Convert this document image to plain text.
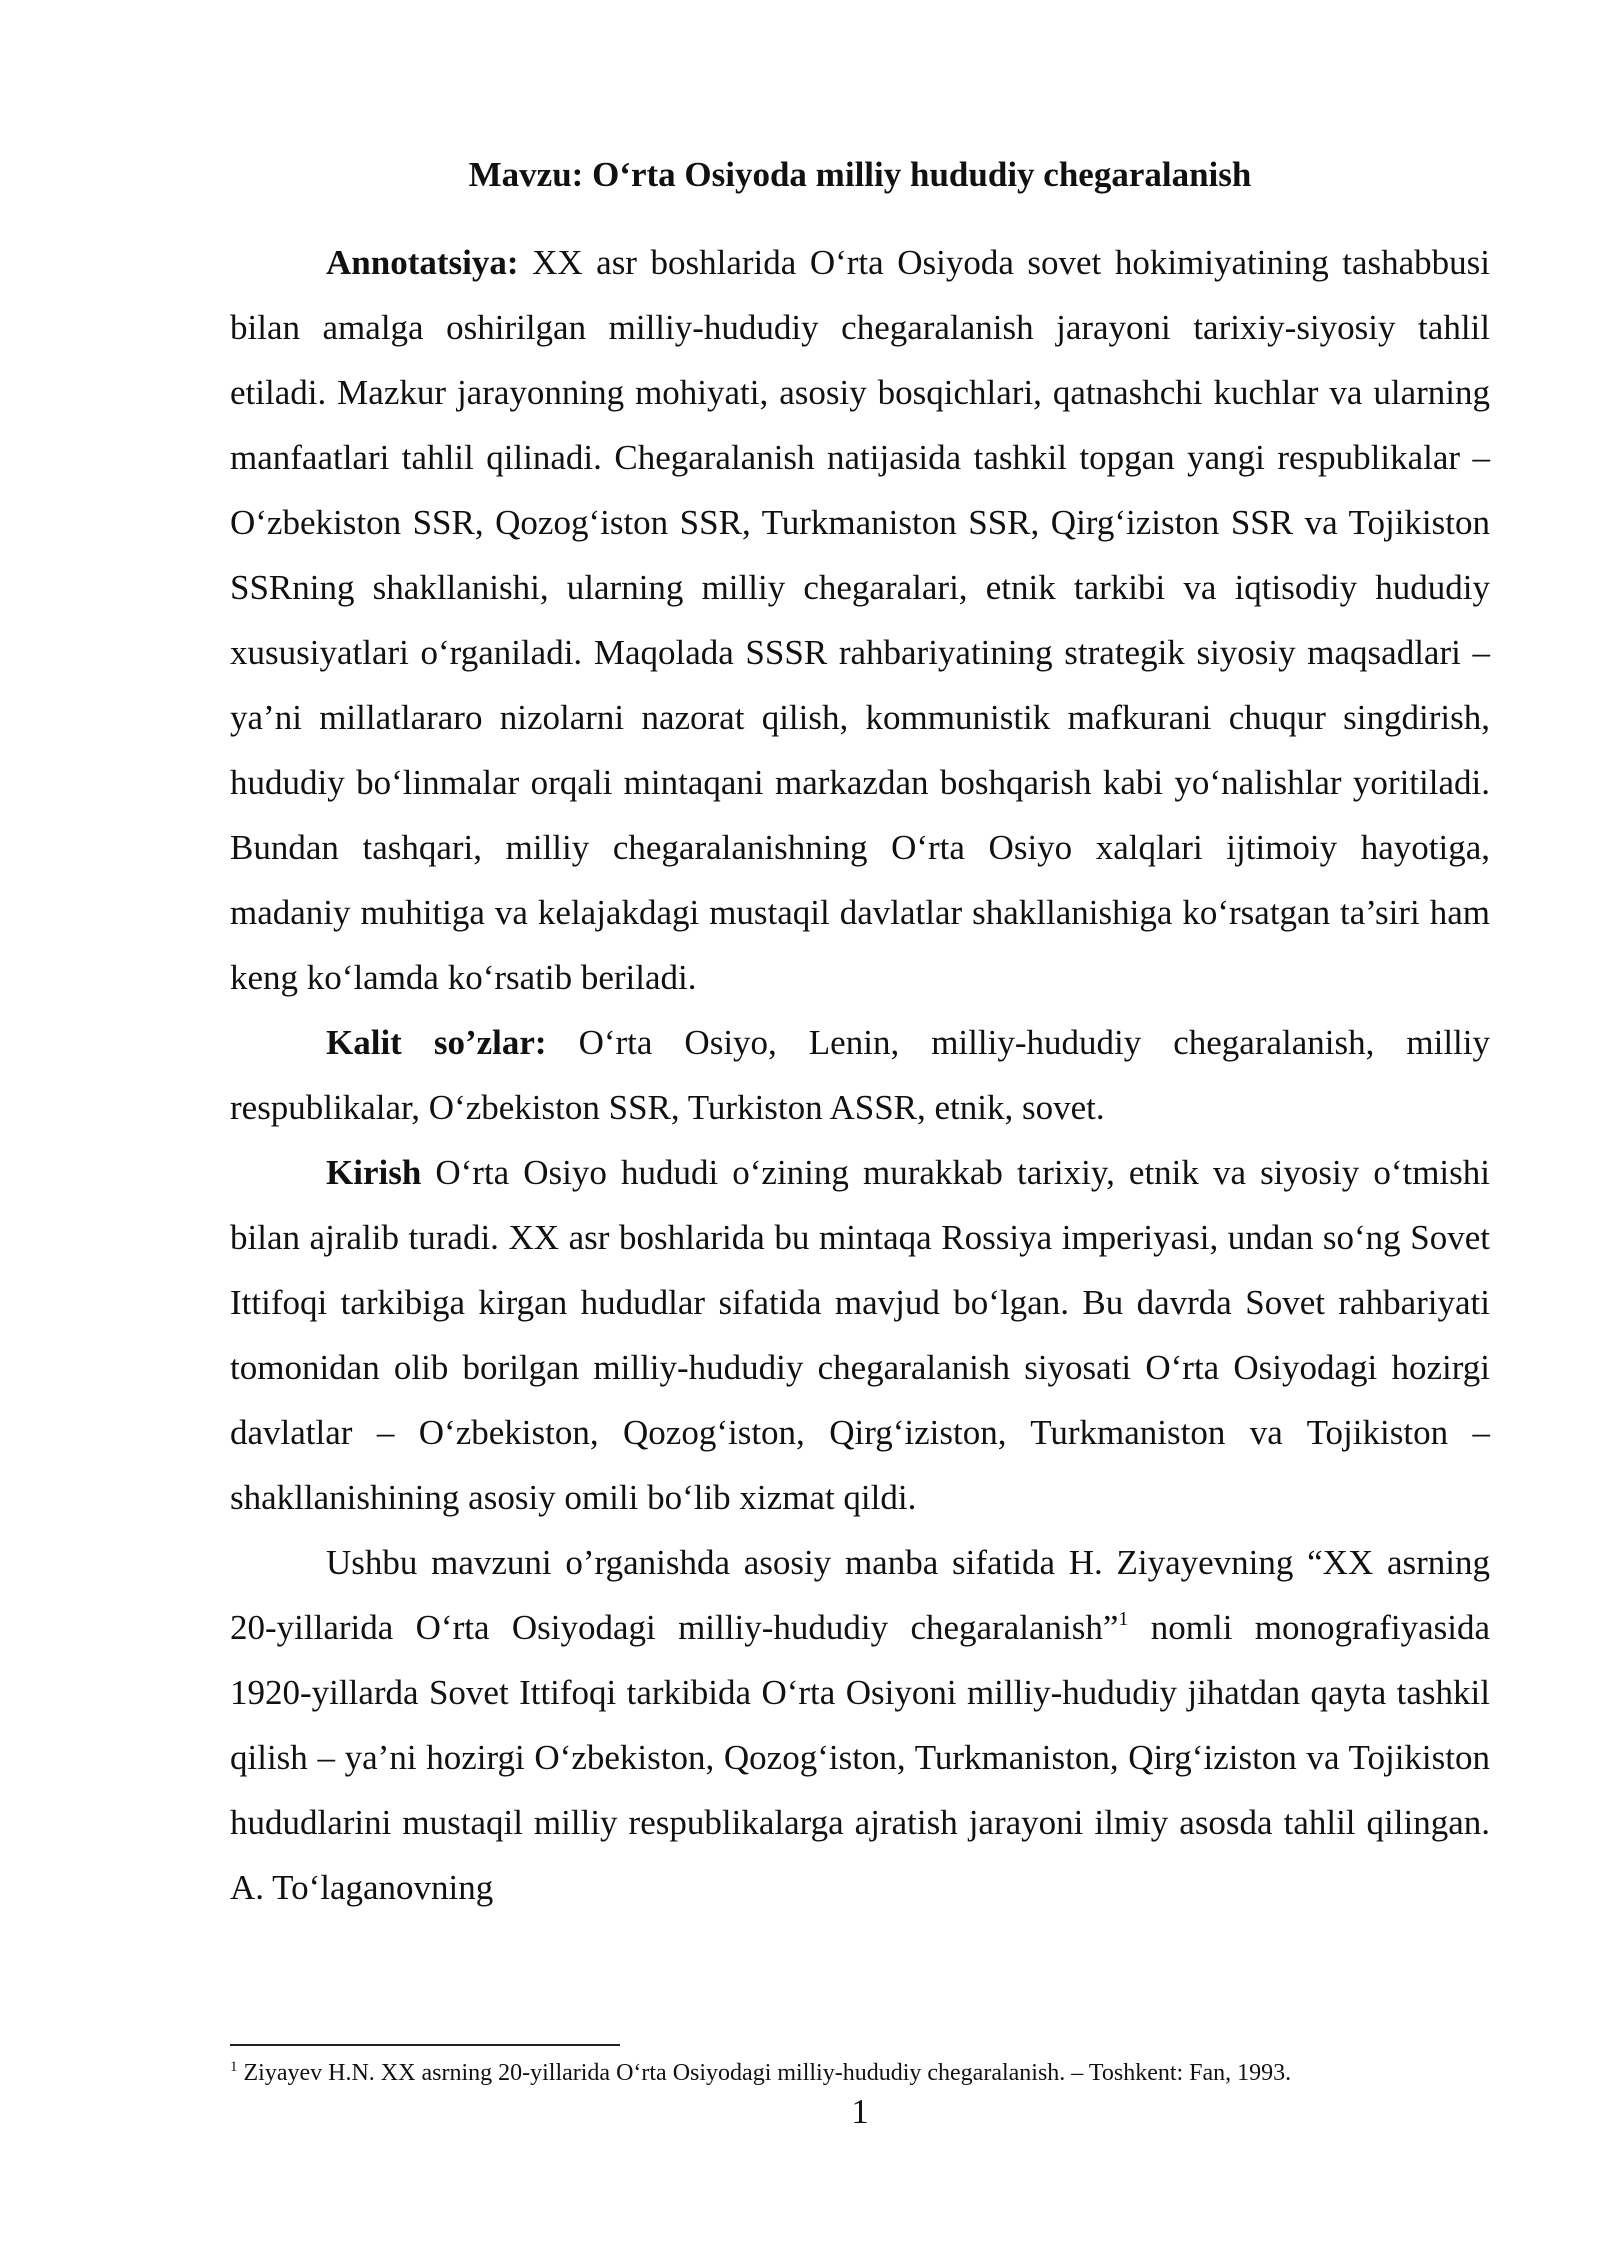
Mavzu: O‘rta Osiyoda milliy hududiy chegaralanish

Annotatsiya: XX asr boshlarida O‘rta Osiyoda sovet hokimiyatining tashabbusi bilan amalga oshirilgan milliy-hududiy chegaralanish jarayoni tarixiy-siyosiy tahlil etiladi. Mazkur jarayonning mohiyati, asosiy bosqichlari, qatnashchi kuchlar va ularning manfaatlari tahlil qilinadi. Chegaralanish natijasida tashkil topgan yangi respublikalar – O‘zbekiston SSR, Qozog‘iston SSR, Turkmaniston SSR, Qirg‘iziston SSR va Tojikiston SSRning shakllanishi, ularning milliy chegaralari, etnik tarkibi va iqtisodiy hududiy xususiyatlari o‘rganiladi. Maqolada SSSR rahbariyatining strategik siyosiy maqsadlari – ya’ni millatlararo nizolarni nazorat qilish, kommunistik mafkurani chuqur singdirish, hududiy bo‘linmalar orqali mintaqani markazdan boshqarish kabi yo‘nalishlar yoritiladi. Bundan tashqari, milliy chegaralanishning O‘rta Osiyo xalqlari ijtimoiy hayotiga, madaniy muhitiga va kelajakdagi mustaqil davlatlar shakllanishiga ko‘rsatgan ta’siri ham keng ko‘lamda ko‘rsatib beriladi.

Kalit so’zlar: O‘rta Osiyo, Lenin, milliy-hududiy chegaralanish, milliy respublikalar, O‘zbekiston SSR, Turkiston ASSR, etnik, sovet.

Kirish O‘rta Osiyo hududi o‘zining murakkab tarixiy, etnik va siyosiy o‘tmishi bilan ajralib turadi. XX asr boshlarida bu mintaqa Rossiya imperiyasi, undan so‘ng Sovet Ittifoqi tarkibiga kirgan hududlar sifatida mavjud bo‘lgan. Bu davrda Sovet rahbariyati tomonidan olib borilgan milliy-hududiy chegaralanish siyosati O‘rta Osiyodagi hozirgi davlatlar – O‘zbekiston, Qozog‘iston, Qirg‘iziston, Turkmaniston va Tojikiston – shakllanishining asosiy omili bo‘lib xizmat qildi.

Ushbu mavzuni o’rganishda asosiy manba sifatida H. Ziyayevning “XX asrning 20-yillarida O‘rta Osiyodagi milliy-hududiy chegaralanish”$^1$ nomli monografiyasida 1920-yillarda Sovet Ittifoqi tarkibida O‘rta Osiyoni milliy-hududiy jihatdan qayta tashkil qilish – ya’ni hozirgi O‘zbekiston, Qozog‘iston, Turkmaniston, Qirg‘iziston va Tojikiston hududlarini mustaqil milliy respublikalarga ajratish jarayoni ilmiy asosda tahlil qilingan. A. To‘laganovning

$^1$ Ziyayev H.N. XX asrning 20-yillarida O‘rta Osiyodagi milliy-hududiy chegaralanish. – Toshkent: Fan, 1993.

1
